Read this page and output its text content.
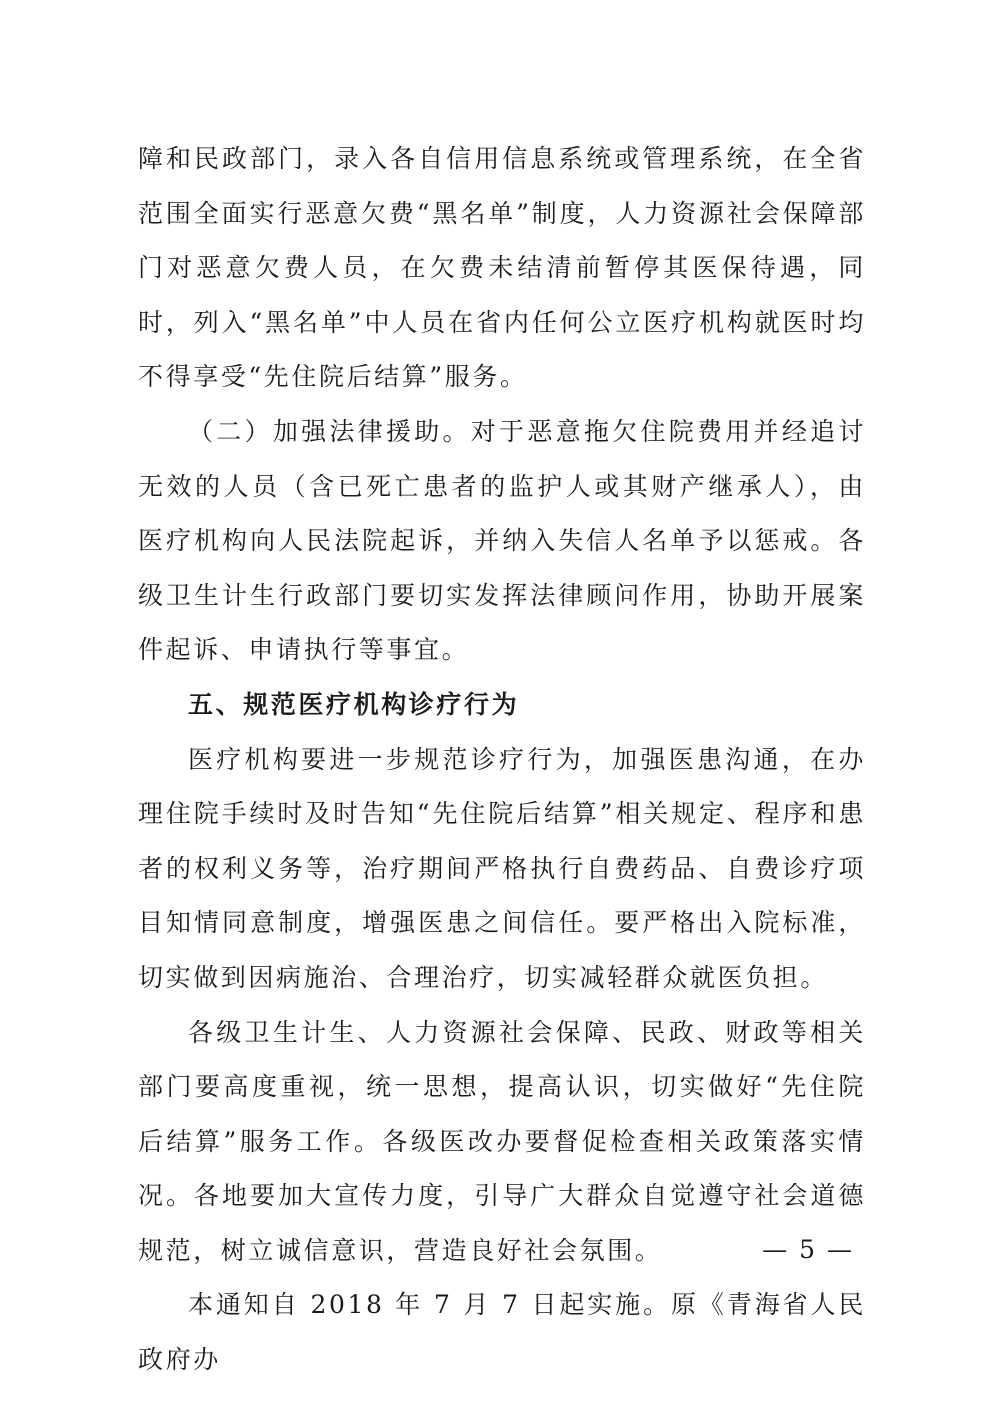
障和民政部门，录入各自信用信息系统或管理系统，在全省范围全面实行恶意欠费“黑名单”制度，人力资源社会保障部门对恶意欠费人员，在欠费未结清前暂停其医保待遇，同时，列入“黑名单”中人员在省内任何公立医疗机构就医时均不得享受“先住院后结算”服务。

（二）加强法律援助。对于恶意拖欠住院费用并经追讨无效的人员（含已死亡患者的监护人或其财产继承人），由医疗机构向人民法院起诉，并纳入失信人名单予以惩戒。各级卫生计生行政部门要切实发挥法律顾问作用，协助开展案件起诉、申请执行等事宜。

五、规范医疗机构诊疗行为

医疗机构要进一步规范诊疗行为，加强医患沟通，在办理住院手续时及时告知“先住院后结算”相关规定、程序和患者的权利义务等，治疗期间严格执行自费药品、自费诊疗项目知情同意制度，增强医患之间信任。要严格出入院标准，切实做到因病施治、合理治疗，切实减轻群众就医负担。

各级卫生计生、人力资源社会保障、民政、财政等相关部门要高度重视，统一思想，提高认识，切实做好“先住院后结算”服务工作。各级医改办要督促检查相关政策落实情况。各地要加大宣传力度，引导广大群众自觉遵守社会道德规范，树立诚信意识，营造良好社会氛围。

本通知自 2018 年 7 月 7 日起实施。原《青海省人民政府办

— 5 —
